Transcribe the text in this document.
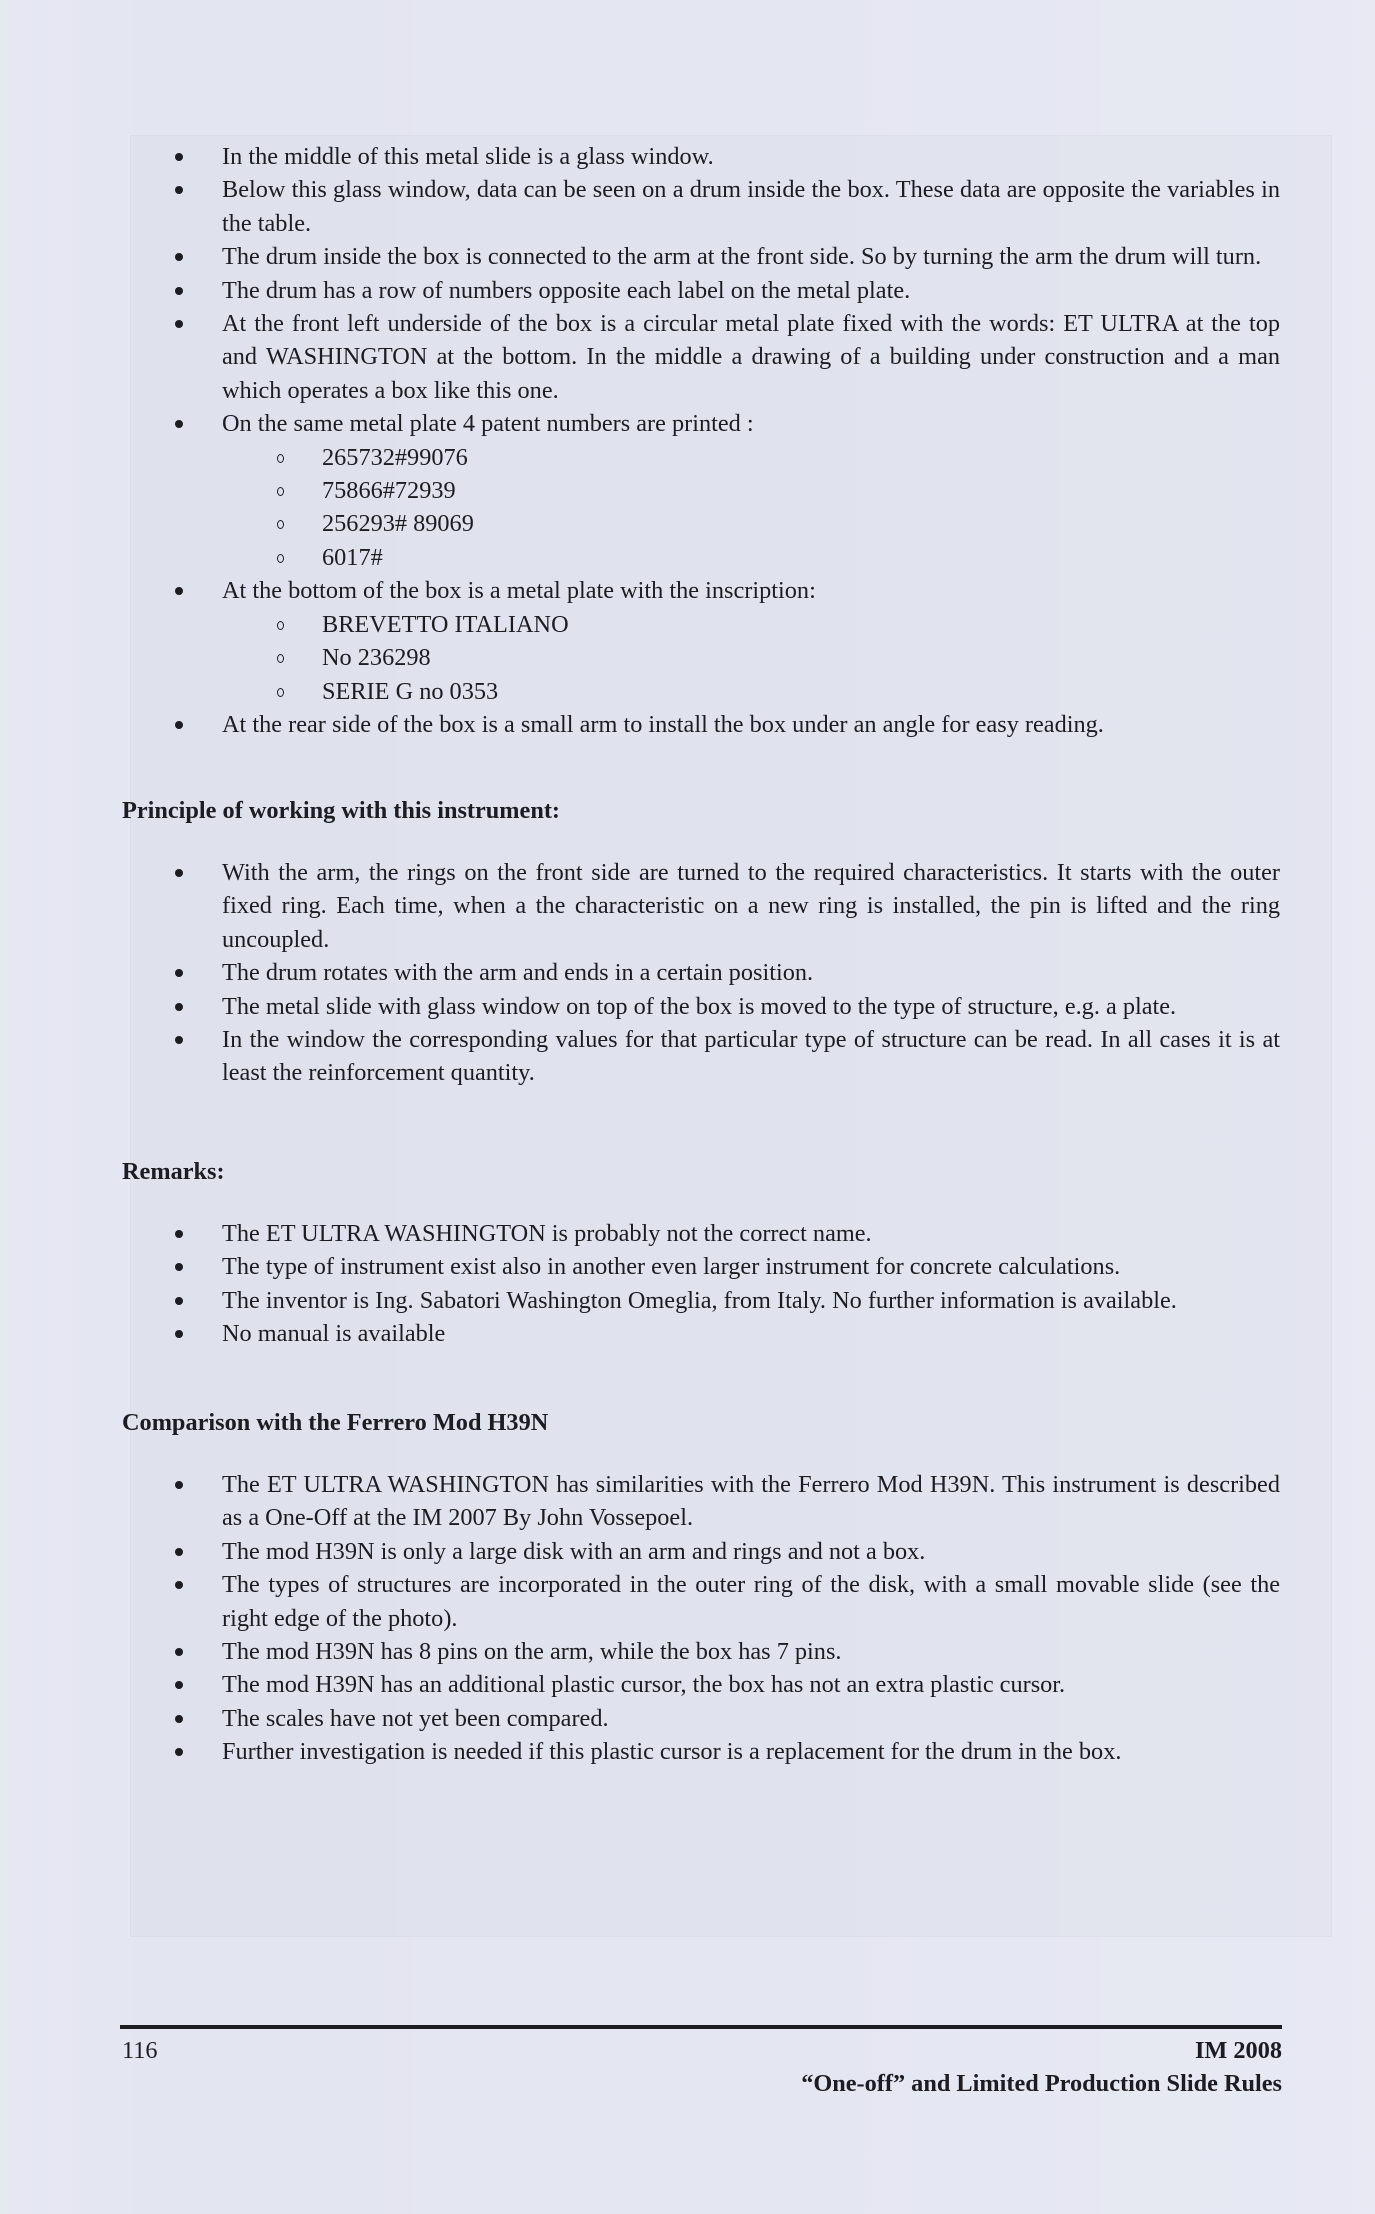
In the middle of this metal slide is a glass window.
Below this glass window, data can be seen on a drum inside the box. These data are opposite the variables in the table.
The drum inside the box is connected to the arm at the front side. So by turning the arm the drum will turn.
The drum has a row of numbers opposite each label on the metal plate.
At the front left underside of the box is a circular metal plate fixed with the words: ET ULTRA at the top and WASHINGTON at the bottom. In the middle a drawing of a building under construction and a man which operates a box like this one.
On the same metal plate 4 patent numbers are printed :
265732#99076
75866#72939
256293# 89069
6017#
At the bottom of the box is a metal plate with the inscription:
BREVETTO ITALIANO
No 236298
SERIE G no 0353
At the rear side of the box is a small arm to install the box under an angle for easy reading.
Principle of working with this instrument:
With the arm, the rings on the front side are turned to the required characteristics. It starts with the outer fixed ring. Each time, when a the characteristic on a new ring is installed, the pin is lifted and the ring uncoupled.
The drum rotates with the arm and ends in a certain position.
The metal slide with glass window on top of the box is moved to the type of structure, e.g. a plate.
In the window the corresponding values for that particular type of structure can be read. In all cases it is at least the reinforcement quantity.
Remarks:
The ET ULTRA WASHINGTON is probably not the correct name.
The type of instrument exist also in another even larger instrument for concrete calculations.
The inventor is Ing. Sabatori Washington Omeglia, from Italy. No further information is available.
No manual is available
Comparison with the Ferrero Mod H39N
The ET ULTRA WASHINGTON has similarities with the Ferrero Mod H39N. This instrument is described as a One-Off at the IM 2007 By John Vossepoel.
The mod H39N is only a large disk with an arm and rings and not a box.
The types of structures are incorporated in the outer ring of the disk, with a small movable slide (see the right edge of the photo).
The mod H39N has 8 pins on the arm, while the box has 7 pins.
The mod H39N has an additional plastic cursor, the box has not an extra plastic cursor.
The scales have not yet been compared.
Further investigation is needed if this plastic cursor is a replacement for the drum in the box.
116	IM 2008
“One-off” and Limited Production Slide Rules
